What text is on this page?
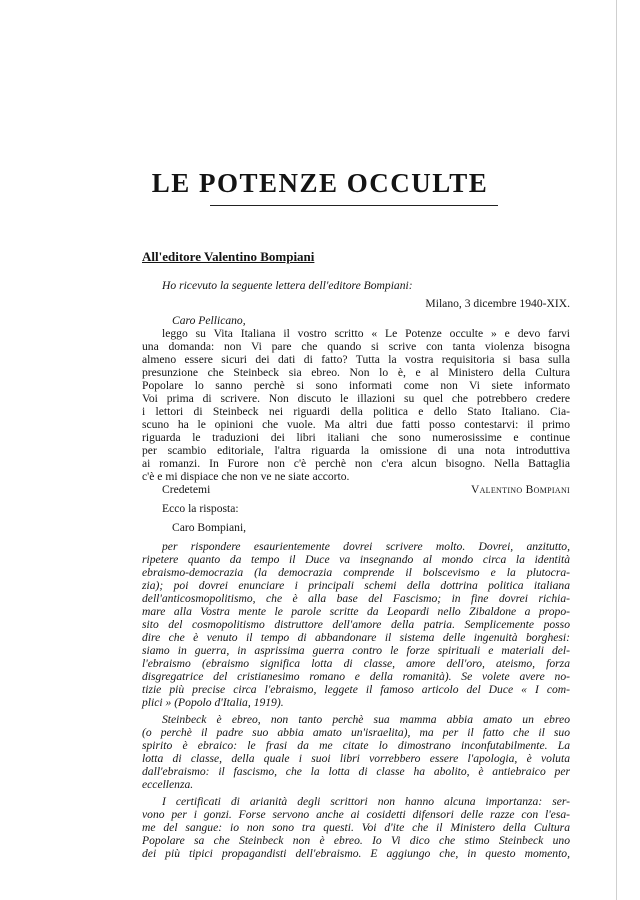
LE POTENZE OCCULTE
All'editore Valentino Bompiani
Ho ricevuto la seguente lettera dell'editore Bompiani:
Milano, 3 dicembre 1940-XIX.
Caro Pellicano,
leggo su Vita Italiana il vostro scritto « Le Potenze occulte » e devo farvi
una domanda: non Vi pare che quando si scrive con tanta violenza bisogna
almeno essere sicuri dei dati di fatto? Tutta la vostra requisitoria si basa sulla
presunzione che Steinbeck sia ebreo. Non lo è, e al Ministero della Cultura
Popolare lo sanno perchè si sono informati come non Vi siete informato
Voi prima di scrivere. Non discuto le illazioni su quel che potrebbero credere
i lettori di Steinbeck nei riguardi della politica e dello Stato Italiano. Cia-
scuno ha le opinioni che vuole. Ma altri due fatti posso contestarvi: il primo
riguarda le traduzioni dei libri italiani che sono numerosissime e continue
per scambio editoriale, l'altra riguarda la omissione di una nota introduttiva
ai romanzi. In Furore non c'è perchè non c'era alcun bisogno. Nella Battaglia
c'è e mi dispiace che non ve ne siate accorto.
Credetemi	Valentino Bompiani
Ecco la risposta:
Caro Bompiani,
per rispondere esaurientemente dovrei scrivere molto. Dovrei, anzitutto,
ripetere quanto da tempo il Duce va insegnando al mondo circa la identità
ebraismo-democrazia (la democrazia comprende il bolscevismo e la plutocra-
zia); poi dovrei enunciare i principali schemi della dottrina politica italiana
dell'anticosmopolitismo, che è alla base del Fascismo; in fine dovrei richia-
mare alla Vostra mente le parole scritte da Leopardi nello Zibaldone a propo-
sito del cosmopolitismo distruttore dell'amore della patria. Semplicemente posso
dire che è venuto il tempo di abbandonare il sistema delle ingenuità borghesi:
siamo in guerra, in asprissima guerra contro le forze spirituali e materiali del-
l'ebraismo (ebraismo significa lotta di classe, amore dell'oro, ateismo, forza
disgregatrice del cristianesimo romano e della romanità). Se volete avere no-
tizie più precise circa l'ebraismo, leggete il famoso articolo del Duce « I com-
plici » (Popolo d'Italia, 1919).
Steinbeck è ebreo, non tanto perchè sua mamma abbia amato un ebreo
(o perchè il padre suo abbia amato un'israelita), ma per il fatto che il suo
spirito è ebraico: le frasi da me citate lo dimostrano inconfutabilmente. La
lotta di classe, della quale i suoi libri vorrebbero essere l'apologia, è voluta
dall'ebraismo: il fascismo, che la lotta di classe ha abolito, è antiebraico per
eccellenza.
I certificati di arianità degli scrittori non hanno alcuna importanza: ser-
vono per i gonzi. Forse servono anche ai cosidetti difensori delle razze con l'esa-
me del sangue: io non sono tra questi. Voi d'ite che il Ministero della Cultura
Popolare sa che Steinbeck non è ebreo. Io Vi dico che stimo Steinbeck uno
dei più tipici propagandisti dell'ebraismo. E aggiungo che, in questo momento,
